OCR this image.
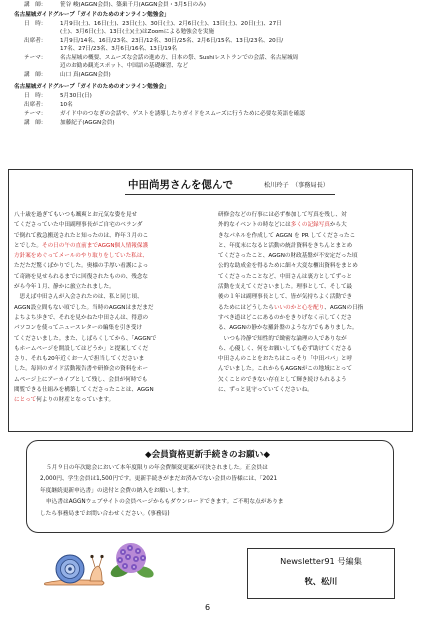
講　師：	笹谷 峻(AGGN会員)、築巣千月(AGGN会員・3月5日のみ)
名古屋城ガイドグループ「ガイドのためのオンライン勉強会」
日　時：	1月9日(土)、16日(土)、23日(土)、30日(土)、2月6日(土)、13日(土)、20日(土)、27日
(土)、3月6日(土)、13日(土)(土)はZoomによる勉強会を実施
出席者：	1月9日/14名、16日/23名、23日/12名、30日/25名、2月6日/15名、13日/23名、20日/
17名、27日/23名、3月6日/16名、13日/19名
テーマ：	名古屋城の概要、スムーズな会話の進め方、日本の祭、Sushiレストランでの会話、名古屋城周
辺のお勧め観光スポット、中国語の基礎練習、など
講　師：	山口 真(AGGN会員)
名古屋城ガイドグループ「ガイドのためのオンライン勉強会」
日　時：	5月30日(日)
出席者：	10名
テーマ：	ガイド中のつなぎの会話や、ゲストを誘導したりガイドをスムーズに行うために必要な英語を確認
講　師：	加藤紀子(AGGN会員)
中田尚男さんを偲んで	松川玲子　（事務局長）
八十歳を過ぎてもいつも颯爽とお元気な姿を見せ
てくださっていた中田副理事長がご自宅のベランダ
で倒れて救急搬送されたと知ったのは、昨年３月のこ
とでした。その日の午の直前までAGGN個人情報保護
方針案をめぐってメールのやり取りをしていた私は、
ただただ驚くばかりでした。奥様の手厚い看護によっ
て奇跡を見せられるまでに回復されたものの、残念な
がら今年１月、静かに旅立たれました。
　思えば中田さんが入会されたのは、私と同じ頃、
AGGN設立間もない頃でした。当時のAGGNはまだまだ
よちよち歩きで、それを見かねた中田さんは、得意の
パソコンを使ってニュースレターの編集を引き受け
てくださいました。また、しばらくしてから、「AGGNで
もホームページを開設してはどうか」と提案してくだ
さり、それも20年近くお一人で担当してくださいま
した。毎回のガイド活動報告書や研修会の資料をホー
ムページ上にアーカイブとして残し、会員が何時でも
閲覧できる仕組みを構築してくださったことは、AGGN
にとって何よりの財産となっています。
研修会などの行事には必ず参加して写真を残し、対
外的なイベントの時などには多くの記録写真から大
きなパネルを作成して AGGN を PR してくださったこ
と、年度末になると活動の統計資料をきちんとまとめ
てくださったこと、AGGNの財政基盤が不安定だった頃
公的な助成金を得るために細々大変な櫃出資料をまとめ
てくださったことなど、中田さんは裏方としてずっと
活動を支えてくださいました。理事として、そして最
後の１年は副理事長として、皆が気持ちよく活動でき
るためにはどうしたらいいのかと心を配り、AGGNの日指
すべき道はどこにあるのかをきりげなく示してくださ
る、AGGNの静かな羅針盤のような方でもありました。
　いつも冷静で知性的で緻密な論理の人でありなが
ら、心優しく、何をお願いしても必ず助けてくださる
中田さんのことをおたちはこっそり「中田パパ」と呼
んでいました。これからもAGGNがこの地域にとって
欠くことのできない存在として輝き続けられるよう
に、ずっと見守っていてくださいね。
◆会員資格更新手続きのお願い◆
５月９日の年次総会において本年度限りの年会費額変更案が可決されました。正会員は
2,000円、学生会員は1,500円です。更新手続きがまだお済みでない会員の皆様には、「2021
年度継続更新申込書」の送付と会費の納入をお願いします。
申込書はAGGNウェブサイトの会員ページからもダウンロードできます。ご不明な点がありま
したら事務局までお問い合わせください。(事務局)
Newsletter91 号編集
牧、松川
6
